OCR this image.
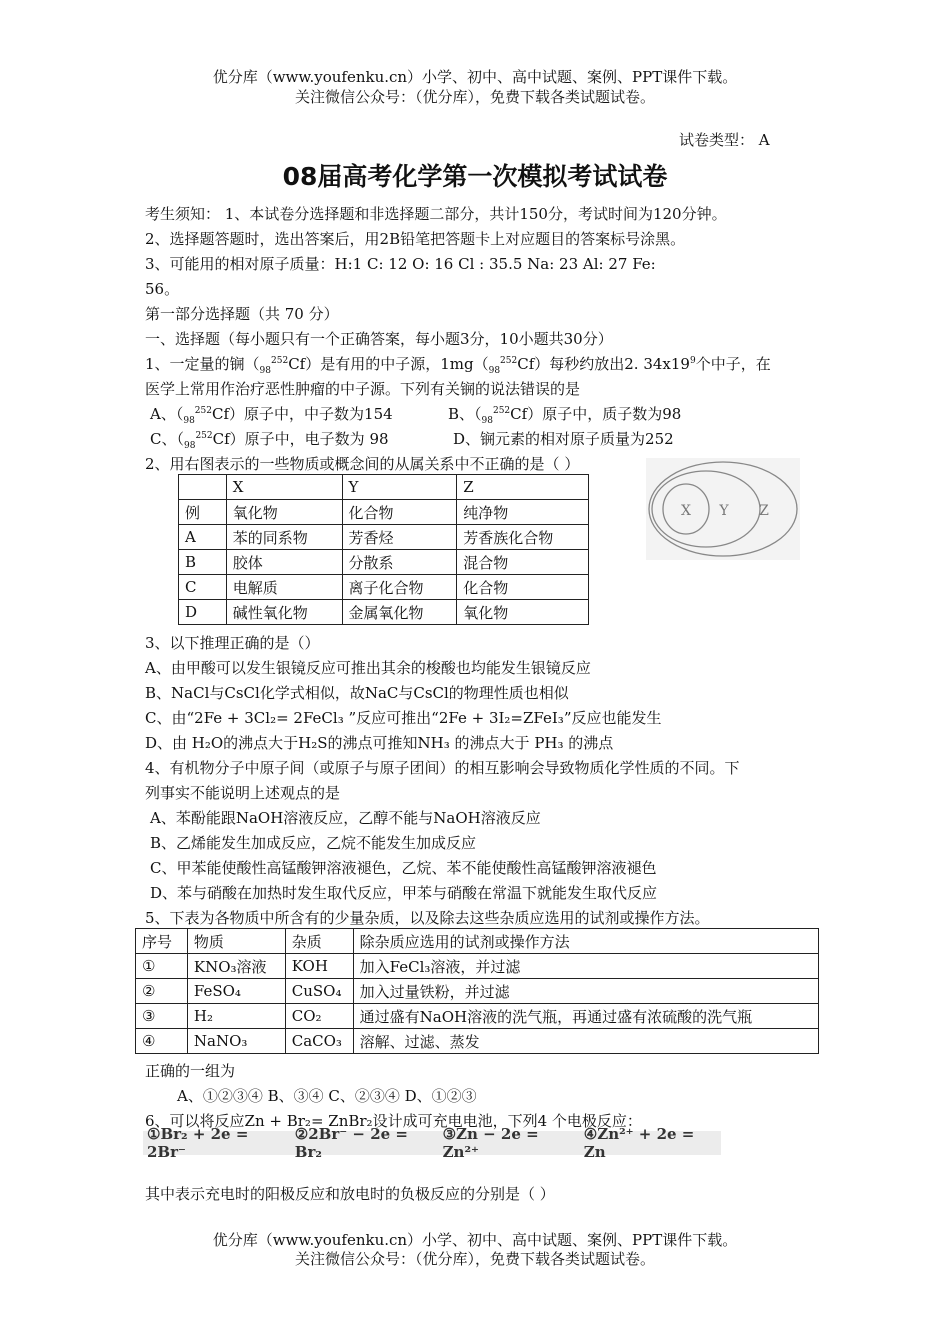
优分库（www.youfenku.cn）小学、初中、高中试题、案例、PPT课件下载。
关注微信公众号：（优分库），免费下载各类试题试卷。
试卷类型： A
08届高考化学第一次模拟考试试卷
考生须知： 1、本试卷分选择题和非选择题二部分，共计150分，考试时间为120分钟。
2、选择题答题时，选出答案后，用2B铅笔把答题卡上对应题目的答案标号涂黑。
3、可能用的相对原子质量：H:1 C: 12 O: 16 Cl : 35.5 Na: 23 Al: 27 Fe:
56。
第一部分选择题（共 70 分）
一、选择题（每小题只有一个正确答案，每小题3分，10小题共30分）
1、一定量的锎$(_{98}^{252}Cf)$是有用的中子源，$1mg(_{98}^{252}Cf)$每秒约放出2. $34x19^9$个中子，在
医学上常用作治疗恶性肿瘤的中子源。下列有关锎的说法错误的是
A、$(_{98}^{252}Cf)$原子中，中子数为154	B、$(_{98}^{252}Cf)$原子中，质子数为98
C、$(_{98}^{252}Cf)$原子中，电子数为 98	D、锎元素的相对原子质量为252
2、用右图表示的一些物质或概念间的从属关系中不正确的是（ ）
	X	Y	Z
例	氧化物	化合物	纯净物
A	苯的同系物	芳香烃	芳香族化合物
B	胶体	分散系	混合物
C	电解质	离子化合物	化合物
D	碱性氧化物	金属氧化物	氧化物
X Y Z
3、以下推理正确的是（）
A、由甲酸可以发生银镜反应可推出其余的梭酸也均能发生银镜反应
B、NaCl与CsCl化学式相似，故NaC与CsCl的物理性质也相似
C、由“2Fe + 3Cl₂= 2FeCl₃ ”反应可推出“2Fe + 3I₂=ZFeI₃”反应也能发生
D、由 H₂O的沸点大于H₂S的沸点可推知NH₃ 的沸点大于 PH₃ 的沸点
4、有机物分子中原子间（或原子与原子团间）的相互影响会导致物质化学性质的不同。下
列事实不能说明上述观点的是
A、苯酚能跟NaOH溶液反应，乙醇不能与NaOH溶液反应
B、乙烯能发生加成反应，乙烷不能发生加成反应
C、甲苯能使酸性高锰酸钾溶液褪色，乙烷、苯不能使酸性高锰酸钾溶液褪色
D、苯与硝酸在加热时发生取代反应，甲苯与硝酸在常温下就能发生取代反应
5、下表为各物质中所含有的少量杂质，以及除去这些杂质应选用的试剂或操作方法。
序号	物质	杂质	除杂质应选用的试剂或操作方法
①	KNO₃溶液	KOH	加入FeCl₃溶液，并过滤
②	FeSO₄	CuSO₄	加入过量铁粉，并过滤
③	H₂	CO₂	通过盛有NaOH溶液的洗气瓶，再通过盛有浓硫酸的洗气瓶
④	NaNO₃	CaCO₃	溶解、过滤、蒸发
正确的一组为
A、①②③④ B、③④ C、②③④ D、①②③
6、可以将反应Zn + Br₂= ZnBr₂设计成可充电电池，下列4 个电极反应：
①Br₂ + 2e = 2Br⁻
②2Br⁻ − 2e = Br₂
③Zn − 2e = Zn²⁺
④Zn²⁺ + 2e = Zn
其中表示充电时的阳极反应和放电时的负极反应的分别是（ ）
优分库（www.youfenku.cn）小学、初中、高中试题、案例、PPT课件下载。
关注微信公众号：（优分库），免费下载各类试题试卷。
